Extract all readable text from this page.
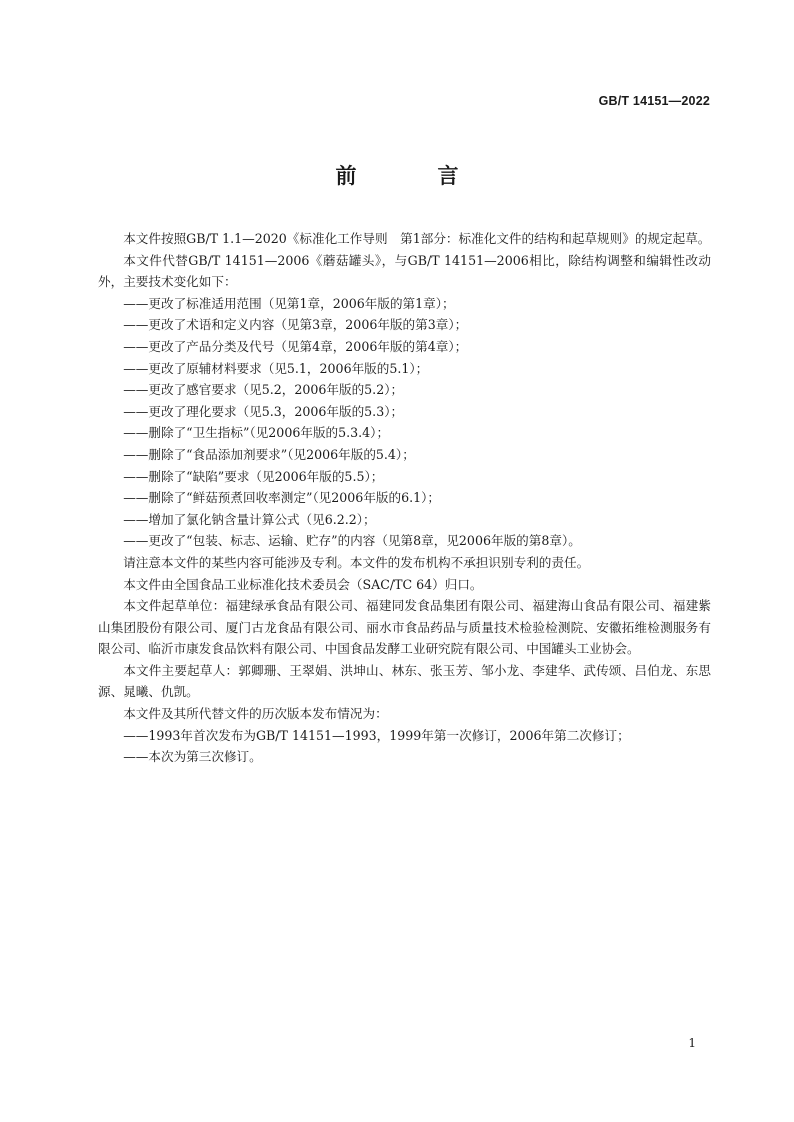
GB/T 14151—2022
前　言

本文件按照GB/T 1.1—2020《标准化工作导则　第1部分：标准化文件的结构和起草规则》的规定起草。

本文件代替GB/T 14151—2006《蘑菇罐头》，与GB/T 14151—2006相比，除结构调整和编辑性改动外，主要技术变化如下：

——更改了标准适用范围（见第1章，2006年版的第1章）；

——更改了术语和定义内容（见第3章，2006年版的第3章）；

——更改了产品分类及代号（见第4章，2006年版的第4章）；

——更改了原辅材料要求（见5.1，2006年版的5.1）；

——更改了感官要求（见5.2，2006年版的5.2）；

——更改了理化要求（见5.3，2006年版的5.3）；

——删除了“卫生指标”（见2006年版的5.3.4）；

——删除了“食品添加剂要求”（见2006年版的5.4）；

——删除了“缺陷”要求（见2006年版的5.5）；

——删除了“鲜菇预煮回收率测定”（见2006年版的6.1）；

——增加了氯化钠含量计算公式（见6.2.2）；

——更改了“包装、标志、运输、贮存”的内容（见第8章，见2006年版的第8章）。

请注意本文件的某些内容可能涉及专利。本文件的发布机构不承担识别专利的责任。

本文件由全国食品工业标准化技术委员会（SAC/TC 64）归口。

本文件起草单位：福建绿承食品有限公司、福建同发食品集团有限公司、福建海山食品有限公司、福建紫山集团股份有限公司、厦门古龙食品有限公司、丽水市食品药品与质量技术检验检测院、安徽拓维检测服务有限公司、临沂市康发食品饮料有限公司、中国食品发酵工业研究院有限公司、中国罐头工业协会。

本文件主要起草人：郭卿珊、王翠娟、洪坤山、林东、张玉芳、邹小龙、李建华、武传颂、吕伯龙、东思源、晁曦、仇凯。

本文件及其所代替文件的历次版本发布情况为：

——1993年首次发布为GB/T 14151—1993，1999年第一次修订，2006年第二次修订；

——本次为第三次修订。

1
